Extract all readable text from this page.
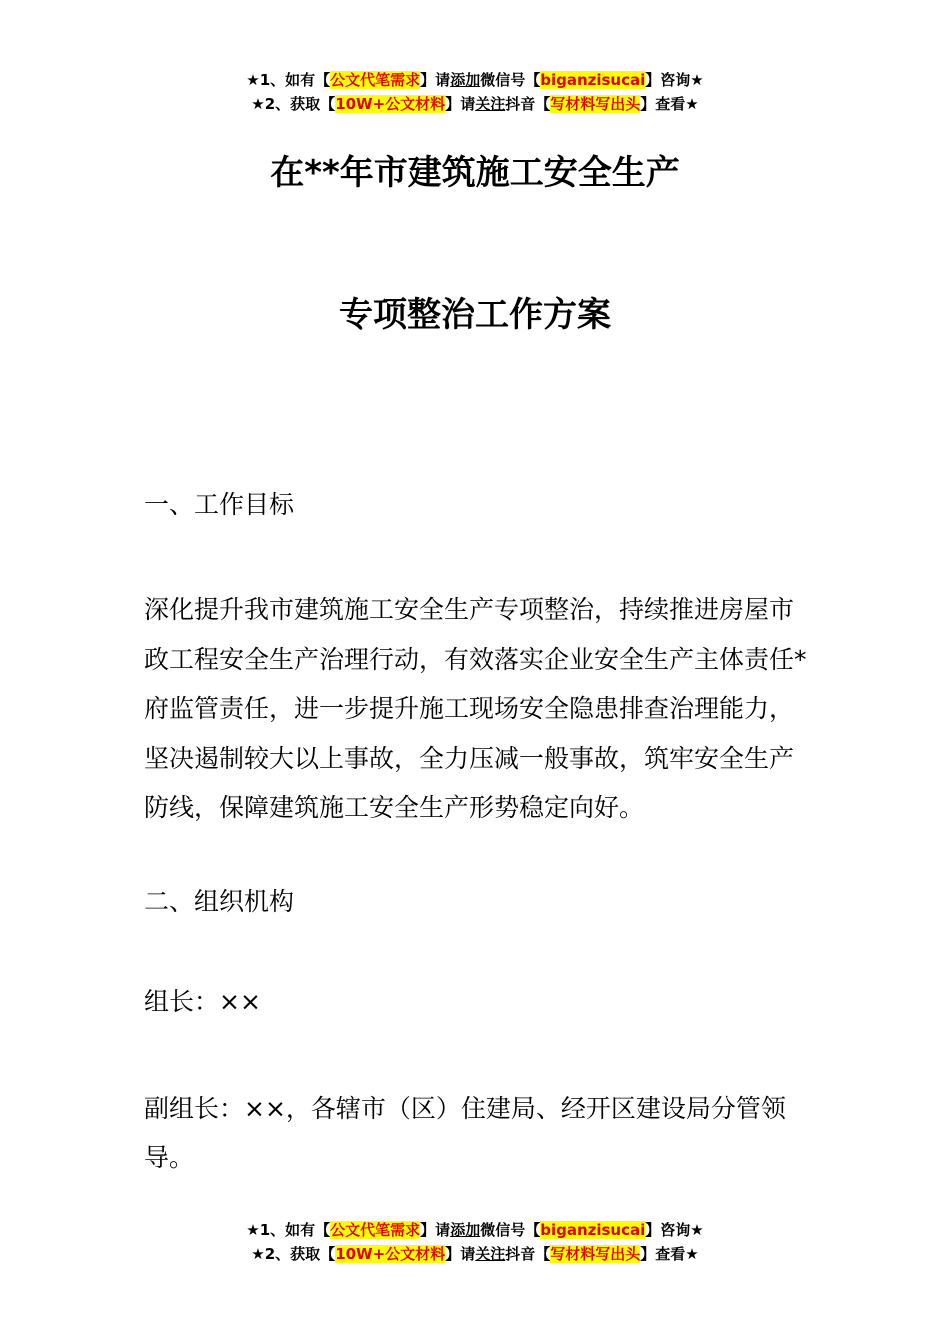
★1、如有【公文代笔需求】请添加微信号【biganzisucai】咨询★
★2、获取【10W+公文材料】请关注抖音【写材料写出头】查看★
在**年市建筑施工安全生产
专项整治工作方案
一、工作目标
深化提升我市建筑施工安全生产专项整治，持续推进房屋市政工程安全生产治理行动，有效落实企业安全生产主体责任*府监管责任，进一步提升施工现场安全隐患排查治理能力，坚决遏制较大以上事故，全力压减一般事故，筑牢安全生产防线，保障建筑施工安全生产形势稳定向好。
二、组织机构
组长：××
副组长：××，各辖市（区）住建局、经开区建设局分管领导。
★1、如有【公文代笔需求】请添加微信号【biganzisucai】咨询★
★2、获取【10W+公文材料】请关注抖音【写材料写出头】查看★
